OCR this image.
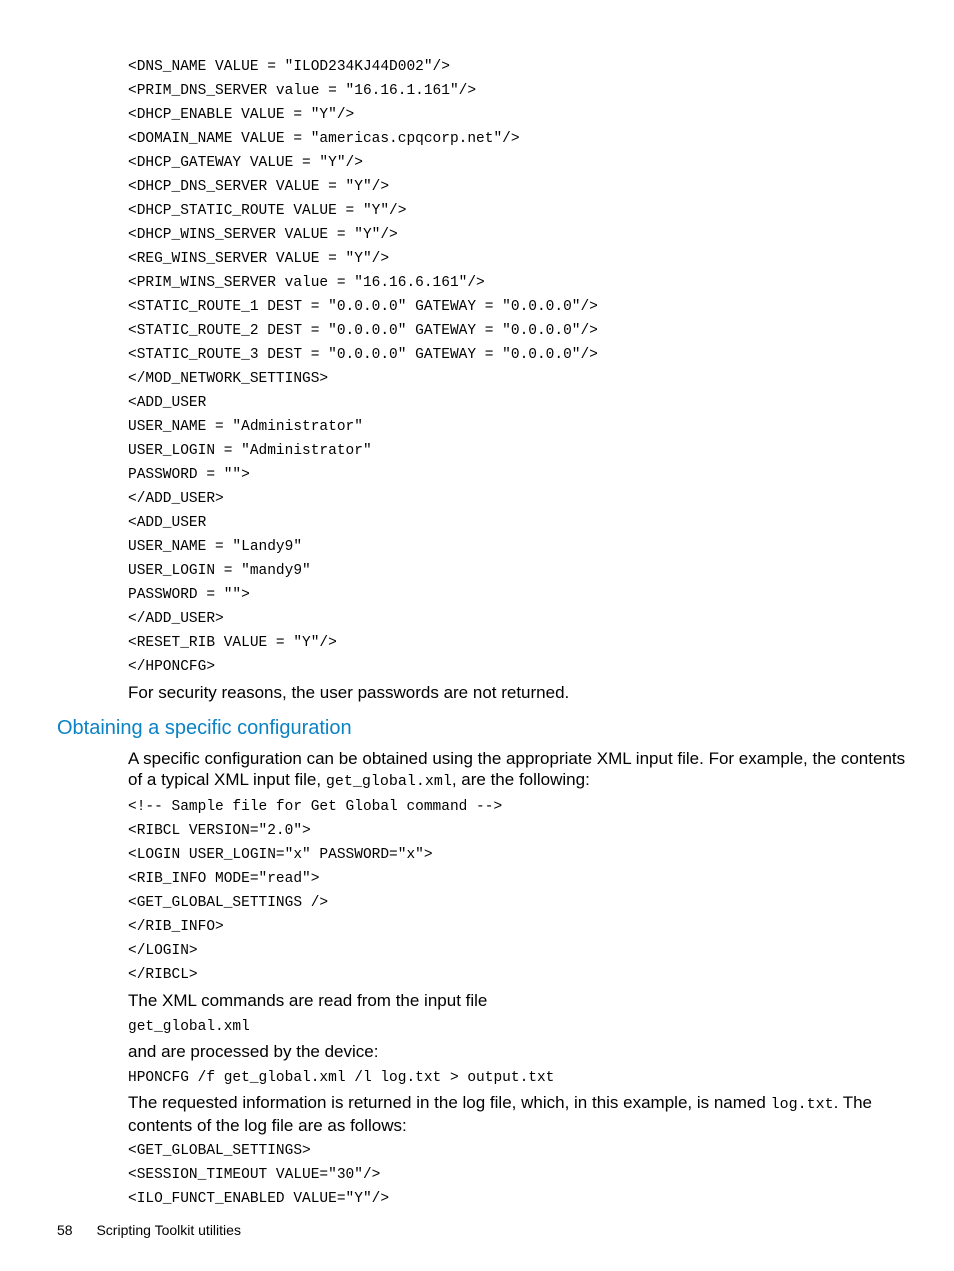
<DNS_NAME VALUE = "ILOD234KJ44D002"/>
<PRIM_DNS_SERVER value = "16.16.1.161"/>
<DHCP_ENABLE VALUE = "Y"/>
<DOMAIN_NAME VALUE = "americas.cpqcorp.net"/>
<DHCP_GATEWAY VALUE = "Y"/>
<DHCP_DNS_SERVER VALUE = "Y"/>
<DHCP_STATIC_ROUTE VALUE = "Y"/>
<DHCP_WINS_SERVER VALUE = "Y"/>
<REG_WINS_SERVER VALUE = "Y"/>
<PRIM_WINS_SERVER value = "16.16.6.161"/>
<STATIC_ROUTE_1 DEST = "0.0.0.0" GATEWAY = "0.0.0.0"/>
<STATIC_ROUTE_2 DEST = "0.0.0.0" GATEWAY = "0.0.0.0"/>
<STATIC_ROUTE_3 DEST = "0.0.0.0" GATEWAY = "0.0.0.0"/>
</MOD_NETWORK_SETTINGS>
<ADD_USER
USER_NAME = "Administrator"
USER_LOGIN = "Administrator"
PASSWORD = "">
</ADD_USER>
<ADD_USER
USER_NAME = "Landy9"
USER_LOGIN = "mandy9"
PASSWORD = "">
</ADD_USER>
<RESET_RIB VALUE = "Y"/>
</HPONCFG>

For security reasons, the user passwords are not returned.

Obtaining a specific configuration

A specific configuration can be obtained using the appropriate XML input file. For example, the contents of a typical XML input file, get_global.xml, are the following:

<!-- Sample file for Get Global command -->
<RIBCL VERSION="2.0">
<LOGIN USER_LOGIN="x" PASSWORD="x">
<RIB_INFO MODE="read">
<GET_GLOBAL_SETTINGS />
</RIB_INFO>
</LOGIN>
</RIBCL>

The XML commands are read from the input file

get_global.xml

and are processed by the device:

HPONCFG /f get_global.xml /l log.txt > output.txt

The requested information is returned in the log file, which, in this example, is named log.txt. The contents of the log file are as follows:

<GET_GLOBAL_SETTINGS>
<SESSION_TIMEOUT VALUE="30"/>
<ILO_FUNCT_ENABLED VALUE="Y"/>
58 Scripting Toolkit utilities
